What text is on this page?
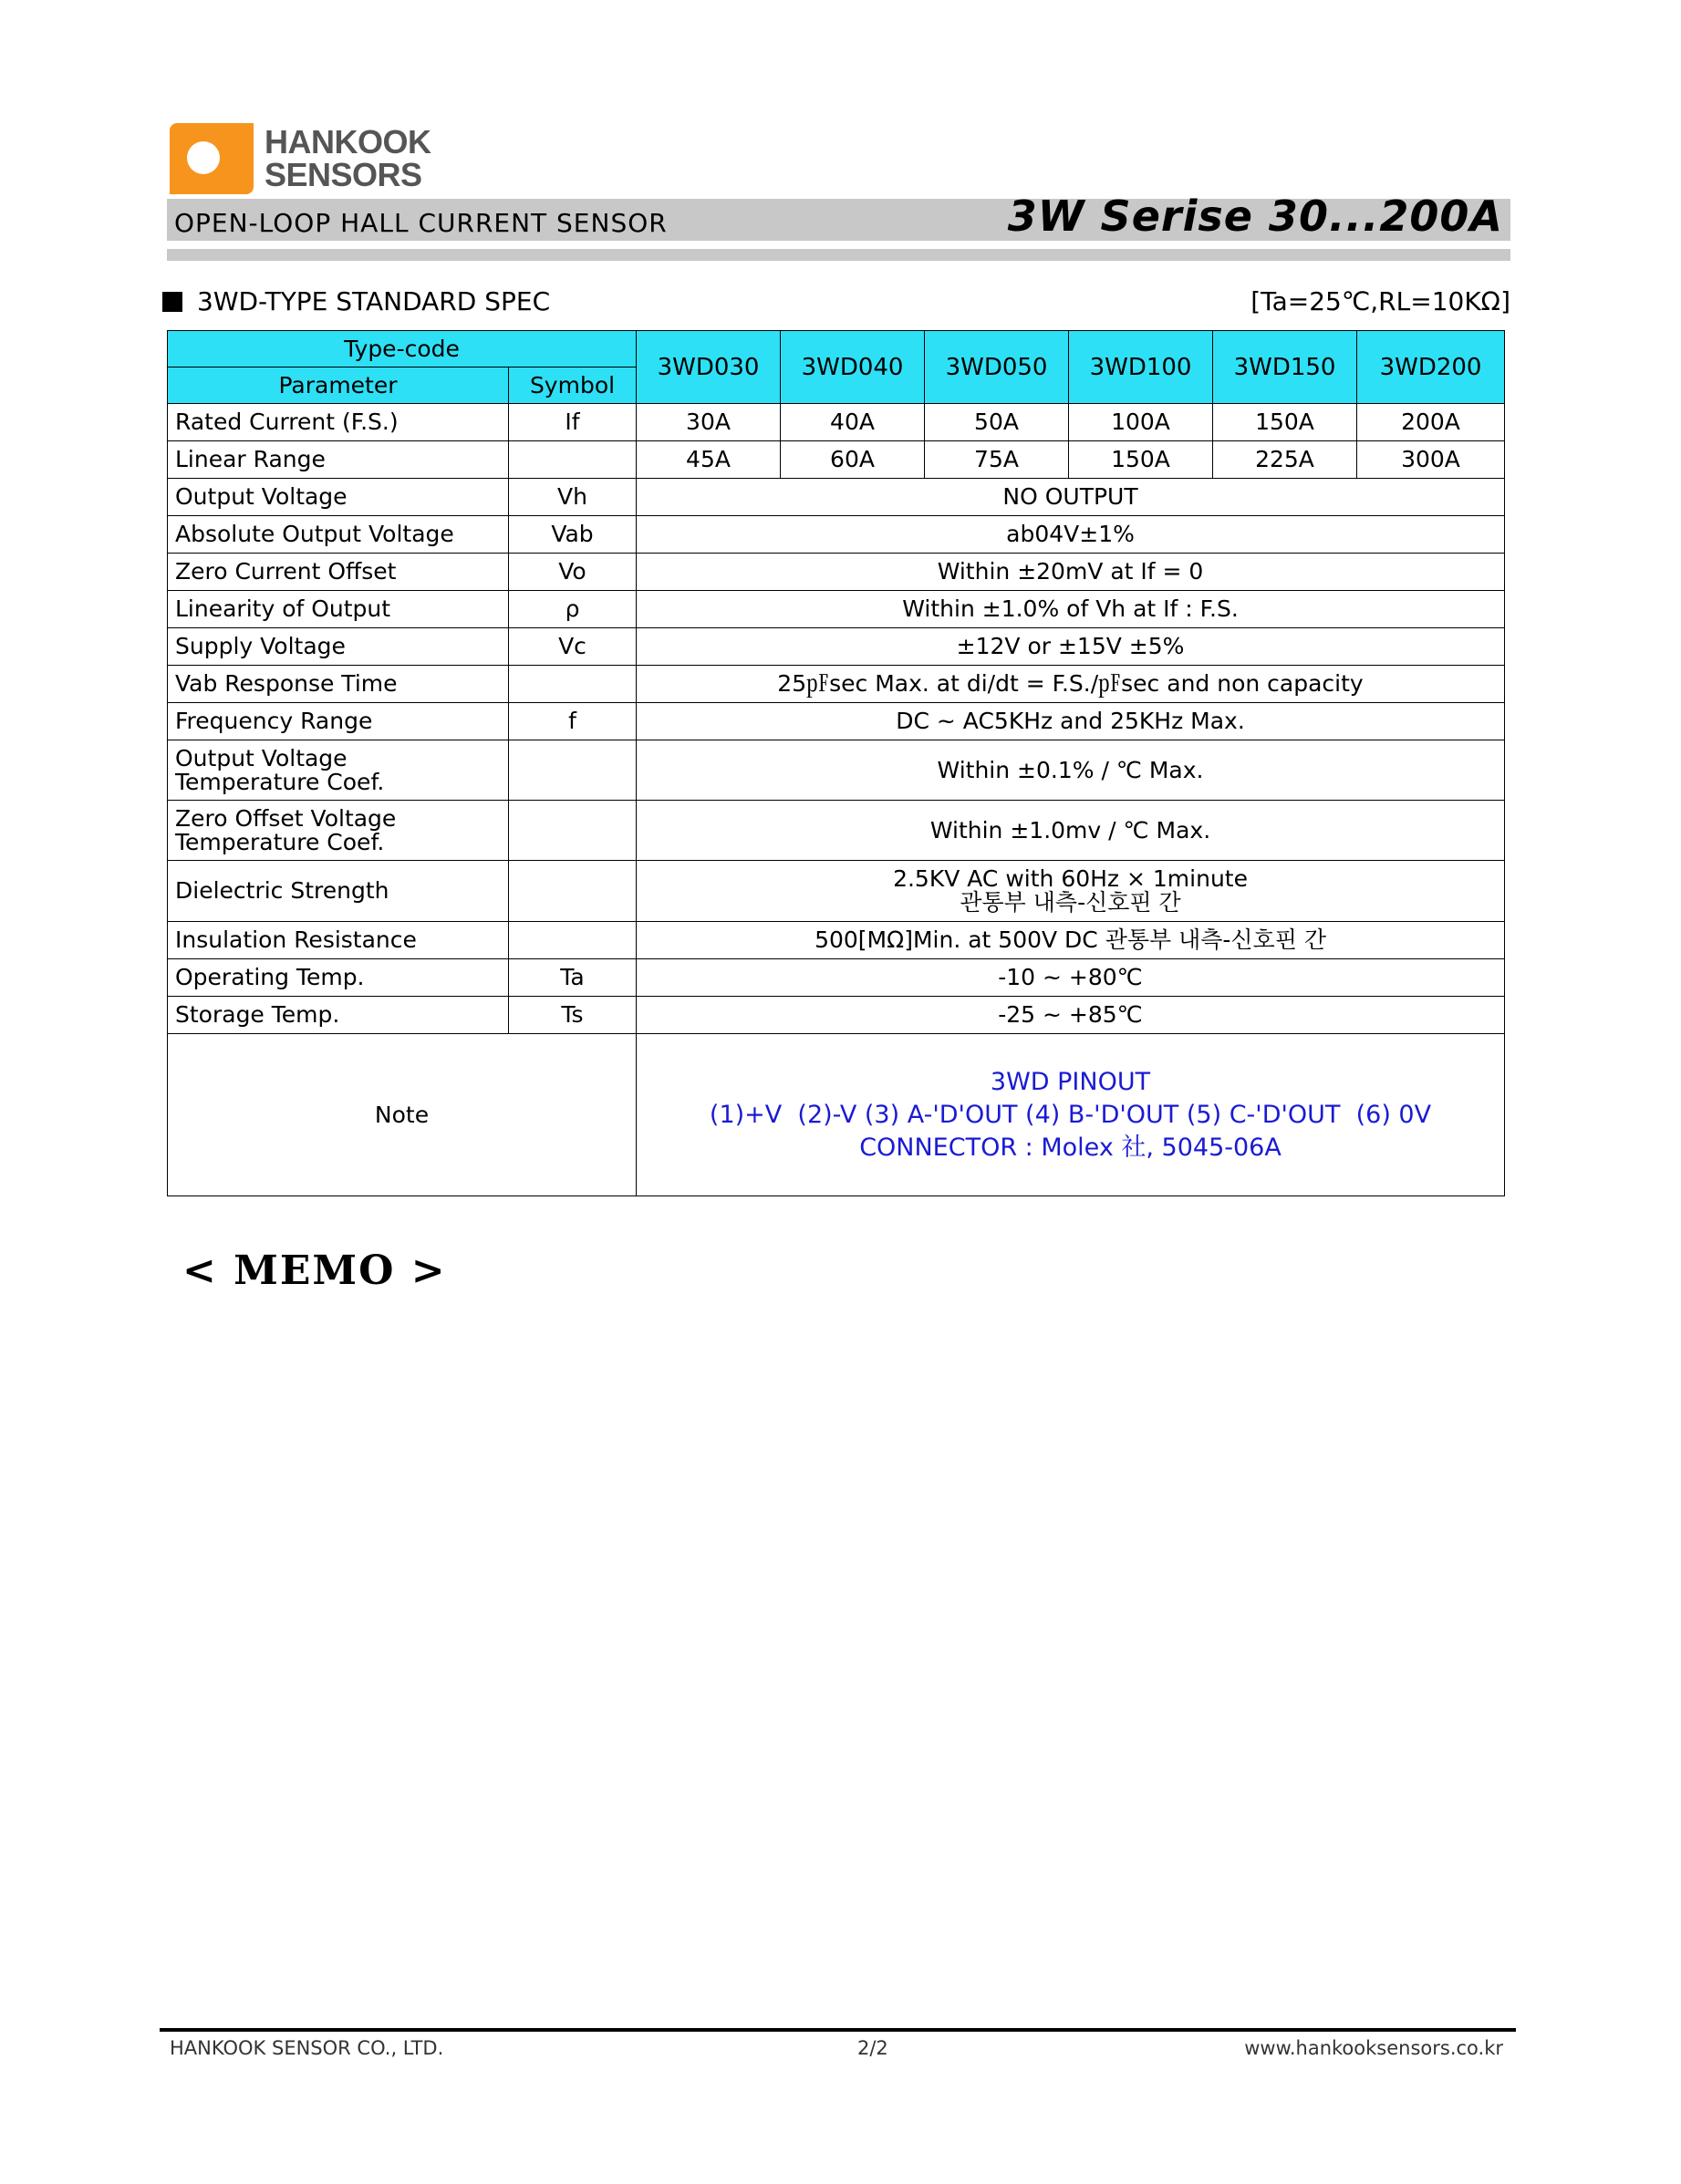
HANKOOK
SENSORS
OPEN-LOOP HALL CURRENT SENSOR	3W Serise 30...200A
3WD-TYPE STANDARD SPEC	[Ta=25℃,RL=10KΩ]
Type-code		3WD030	3WD040	3WD050	3WD100	3WD150	3WD200
Parameter	Symbol						
Rated Current (F.S.)	If	30A	40A	50A	100A	150A	200A
Linear Range		45A	60A	75A	150A	225A	300A
Output Voltage	Vh	NO OUTPUT					
Absolute Output Voltage	Vab	ab04V±1%					
Zero Current Offset	Vo	Within ±20mV at If = 0					
Linearity of Output	ρ	Within ±1.0% of Vh at If : F.S.					
Supply Voltage	Vc	±12V or ±15V ±5%					
Vab Response Time		25㎊sec Max. at di/dt = F.S./㎊sec and non capacity					
Frequency Range	f	DC ~ AC5KHz and 25KHz Max.					

Output Voltage
Temperature Coef.		Within ±0.1% / ℃ Max.					

Zero Offset Voltage
Temperature Coef.		Within ±1.0mv / ℃ Max.					
Dielectric Strength		2.5KV AC with 60Hz × 1minute
관통부 내측-신호핀 간					

Insulation Resistance		500[MΩ]Min. at 500V DC 관통부 내측-신호핀 간					
Operating Temp.	Ta	-10 ~ +80℃					
Storage Temp.	Ts	-25 ~ +85℃					
Note		3WD PINOUT
(1)+V  (2)-V (3) A-'D'OUT (4) B-'D'OUT (5) C-'D'OUT  (6) 0V
CONNECTOR : Molex 社, 5045-06A					
< MEMO >
HANKOOK SENSOR CO., LTD.	2/2	www.hankooksensors.co.kr
